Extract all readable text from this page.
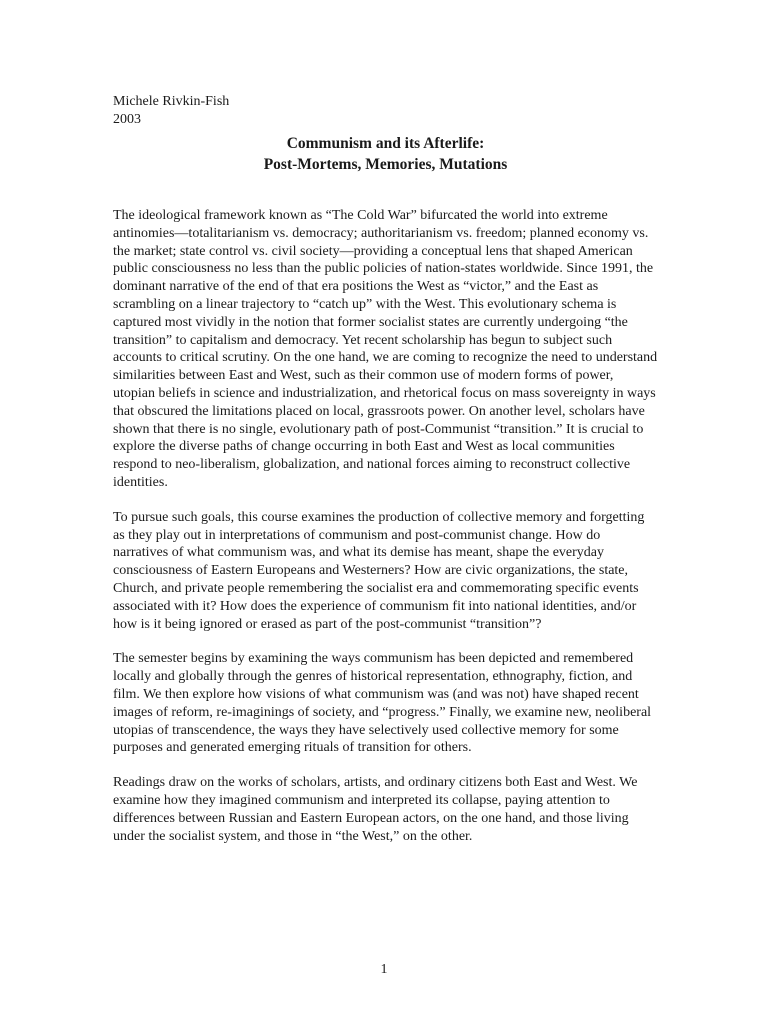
Michele Rivkin-Fish

2003

Communism and its Afterlife:

Post-Mortems, Memories, Mutations

The ideological framework known as “The Cold War” bifurcated the world into extreme antinomies—totalitarianism vs. democracy; authoritarianism vs. freedom; planned economy vs. the market; state control vs. civil society—providing a conceptual lens that shaped American public consciousness no less than the public policies of nation-states worldwide. Since 1991, the dominant narrative of the end of that era positions the West as “victor,” and the East as scrambling on a linear trajectory to “catch up” with the West. This evolutionary schema is captured most vividly in the notion that former socialist states are currently undergoing “the transition” to capitalism and democracy. Yet recent scholarship has begun to subject such accounts to critical scrutiny. On the one hand, we are coming to recognize the need to understand similarities between East and West, such as their common use of modern forms of power, utopian beliefs in science and industrialization, and rhetorical focus on mass sovereignty in ways that obscured the limitations placed on local, grassroots power. On another level, scholars have shown that there is no single, evolutionary path of post-Communist “transition.” It is crucial to explore the diverse paths of change occurring in both East and West as local communities respond to neo-liberalism, globalization, and national forces aiming to reconstruct collective identities.

To pursue such goals, this course examines the production of collective memory and forgetting as they play out in interpretations of communism and post-communist change. How do narratives of what communism was, and what its demise has meant, shape the everyday consciousness of Eastern Europeans and Westerners? How are civic organizations, the state, Church, and private people remembering the socialist era and commemorating specific events associated with it? How does the experience of communism fit into national identities, and/or how is it being ignored or erased as part of the post-communist “transition”?

The semester begins by examining the ways communism has been depicted and remembered locally and globally through the genres of historical representation, ethnography, fiction, and film. We then explore how visions of what communism was (and was not) have shaped recent images of reform, re-imaginings of society, and “progress.” Finally, we examine new, neoliberal utopias of transcendence, the ways they have selectively used collective memory for some purposes and generated emerging rituals of transition for others.

Readings draw on the works of scholars, artists, and ordinary citizens both East and West. We examine how they imagined communism and interpreted its collapse, paying attention to differences between Russian and Eastern European actors, on the one hand, and those living under the socialist system, and those in “the West,” on the other.

1
